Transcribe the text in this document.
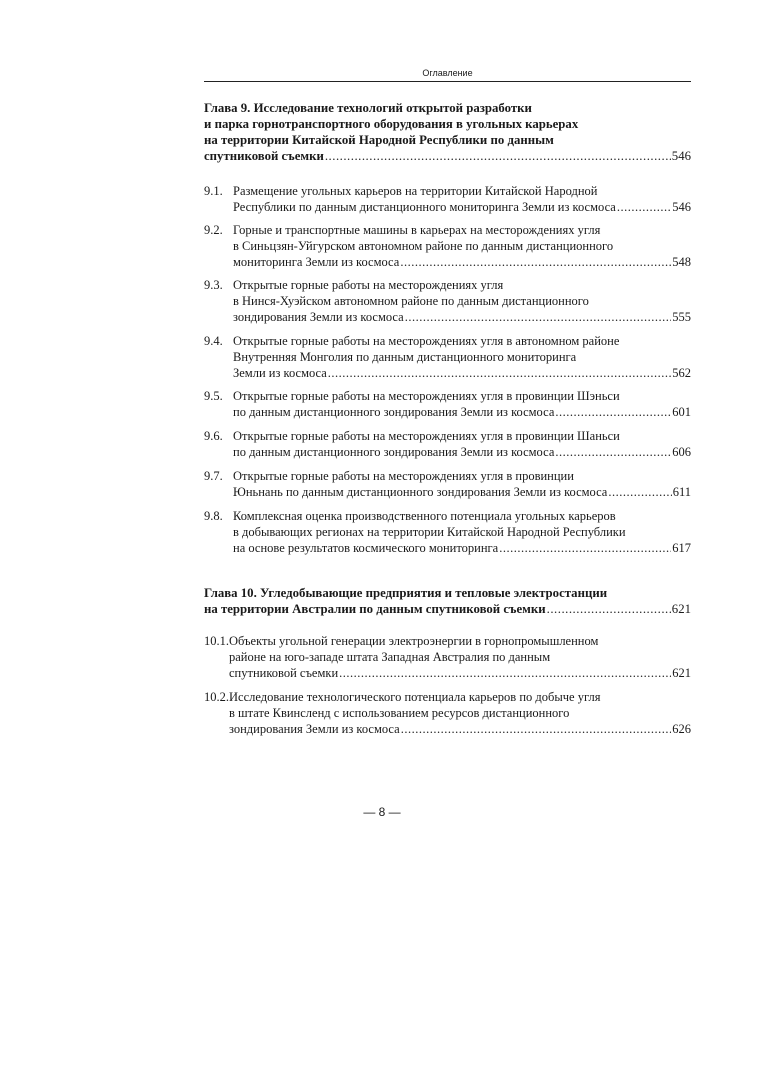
Оглавление
Глава 9. Исследование технологий открытой разработки
и парка горнотранспортного оборудования в угольных карьерах
на территории Китайской Народной Республики по данным
спутниковой съемки .....	546
9.1. Размещение угольных карьеров на территории Китайской Народной
Республики по данным дистанционного мониторинга Земли из космоса .....	546
9.2. Горные и транспортные машины в карьерах на месторождениях угля
в Синьцзян-Уйгурском автономном районе по данным дистанционного
мониторинга Земли из космоса .....	548
9.3. Открытые горные работы на месторождениях угля
в Нинся-Хуэйском автономном районе по данным дистанционного
зондирования Земли из космоса .....	555
9.4. Открытые горные работы на месторождениях угля в автономном районе
Внутренняя Монголия по данным дистанционного мониторинга
Земли из космоса .....	562
9.5. Открытые горные работы на месторождениях угля в провинции Шэньси
по данным дистанционного зондирования Земли из космоса .....	601
9.6. Открытые горные работы на месторождениях угля в провинции Шаньси
по данным дистанционного зондирования Земли из космоса .....	606
9.7. Открытые горные работы на месторождениях угля в провинции
Юньнань по данным дистанционного зондирования Земли из космоса .....	611
9.8. Комплексная оценка производственного потенциала угольных карьеров
в добывающих регионах на территории Китайской Народной Республики
на основе результатов космического мониторинга .....	617
Глава 10. Угледобывающие предприятия и тепловые электростанции
на территории Австралии по данным спутниковой съемки .....	621
10.1. Объекты угольной генерации электроэнергии в горнопромышленном
районе на юго-западе штата Западная Австралия по данным
спутниковой съемки .....	621
10.2. Исследование технологического потенциала карьеров по добыче угля
в штате Квинсленд с использованием ресурсов дистанционного
зондирования Земли из космоса .....	626
— 8 —
